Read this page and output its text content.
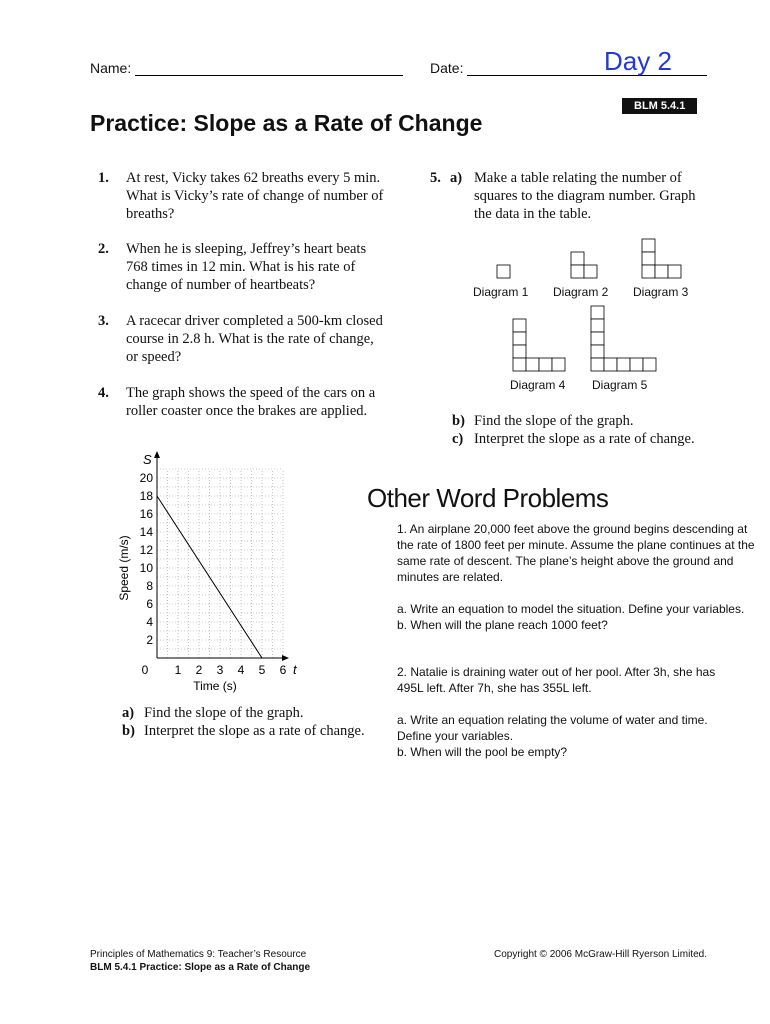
Name:	Date:	Day 2
BLM 5.4.1
Practice: Slope as a Rate of Change
1. At rest, Vicky takes 62 breaths every 5 min. What is Vicky’s rate of change of number of breaths?
2. When he is sleeping, Jeffrey’s heart beats 768 times in 12 min. What is his rate of change of number of heartbeats?
3. A racecar driver completed a 500-km closed course in 2.8 h. What is the rate of change, or speed?
4. The graph shows the speed of the cars on a roller coaster once the brakes are applied.
2
4
6
8
10
12
14
16
18
20
0 1 2 3 4 5 6
Speed (m/s)
Time (s)
S
t
a) Find the slope of the graph.
b) Interpret the slope as a rate of change.
5. a) Make a table relating the number of squares to the diagram number. Graph the data in the table.
Diagram 1 Diagram 2 Diagram 3
Diagram 4 Diagram 5
b) Find the slope of the graph.
c) Interpret the slope as a rate of change.
Other Word Problems
1. An airplane 20,000 feet above the ground begins descending at the rate of 1800 feet per minute. Assume the plane continues at the same rate of descent. The plane’s height above the ground and minutes are related.
a. Write an equation to model the situation. Define your variables.
b. When will the plane reach 1000 feet?
2. Natalie is draining water out of her pool. After 3h, she has 495L left. After 7h, she has 355L left.
a. Write an equation relating the volume of water and time. Define your variables.
b. When will the pool be empty?
Principles of Mathematics 9: Teacher’s Resource
BLM 5.4.1 Practice: Slope as a Rate of Change
Copyright © 2006 McGraw-Hill Ryerson Limited.
